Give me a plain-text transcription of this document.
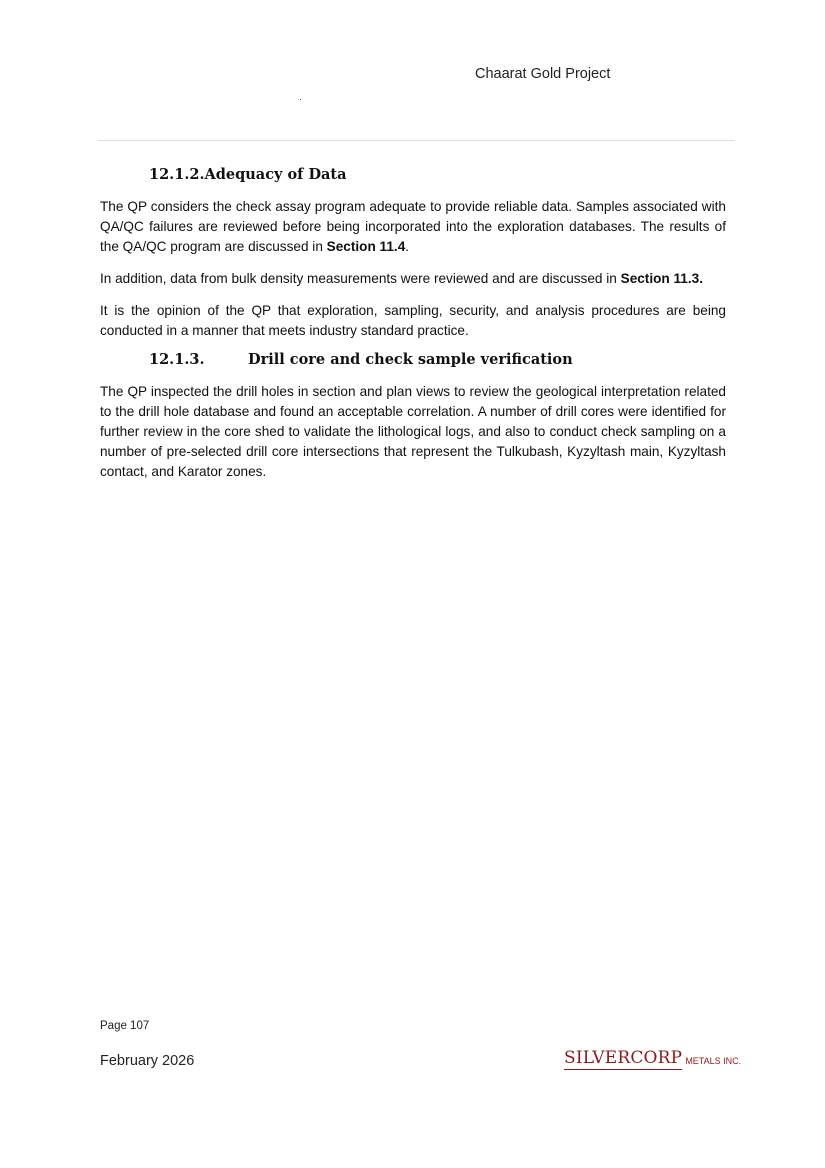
Chaarat Gold Project
12.1.2.Adequacy of Data

The QP considers the check assay program adequate to provide reliable data. Samples associated with QA/QC failures are reviewed before being incorporated into the exploration databases. The results of the QA/QC program are discussed in Section 11.4.

In addition, data from bulk density measurements were reviewed and are discussed in Section 11.3.

It is the opinion of the QP that exploration, sampling, security, and analysis procedures are being conducted in a manner that meets industry standard practice.

12.1.3.	Drill core and check sample verification

The QP inspected the drill holes in section and plan views to review the geological interpretation related to the drill hole database and found an acceptable correlation. A number of drill cores were identified for further review in the core shed to validate the lithological logs, and also to conduct check sampling on a number of pre-selected drill core intersections that represent the Tulkubash, Kyzyltash main, Kyzyltash contact, and Karator zones.

Page 107
February 2026	SILVERCORP METALS INC.
